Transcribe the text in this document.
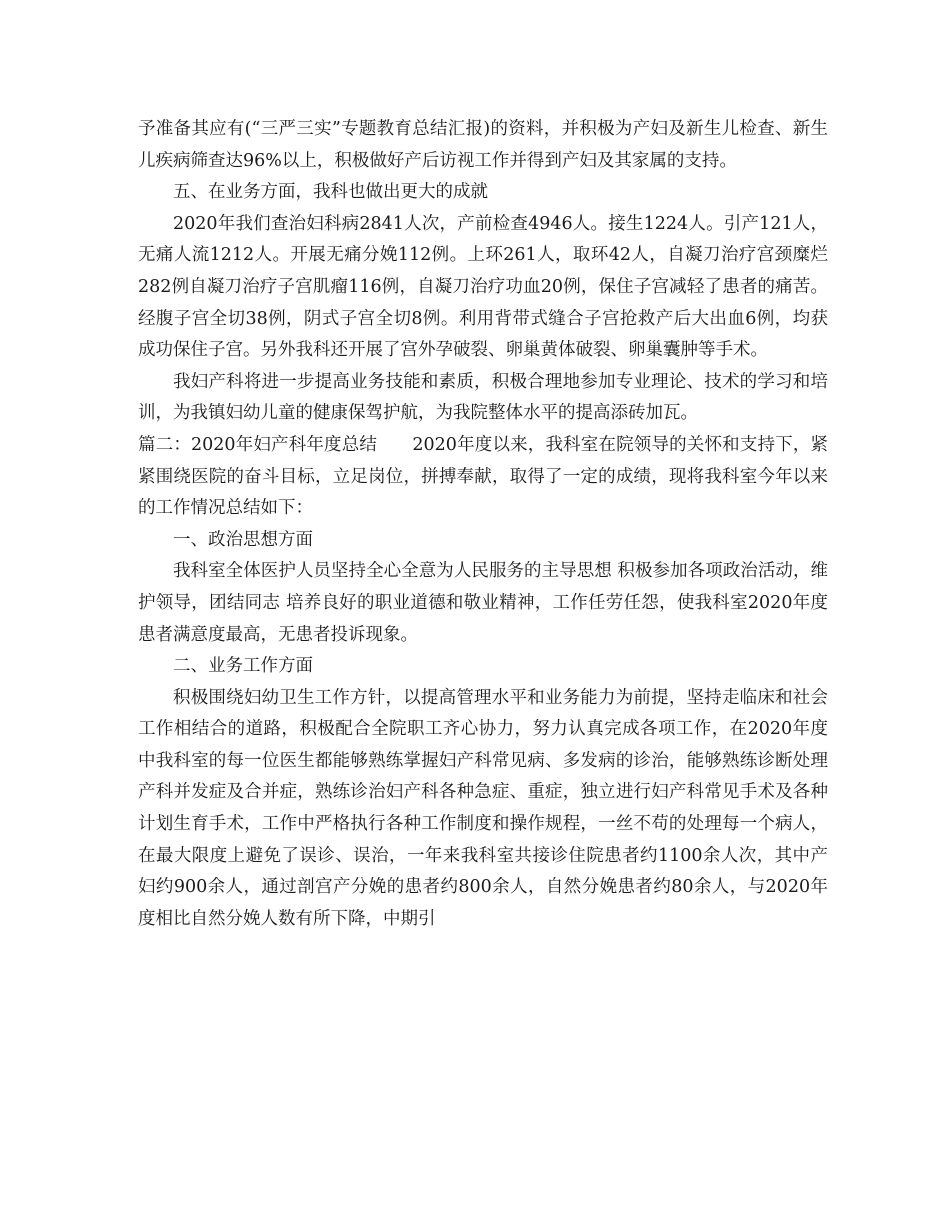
予准备其应有(“三严三实”专题教育总结汇报)的资料，并积极为产妇及新生儿检查、新生儿疾病筛查达96%以上，积极做好产后访视工作并得到产妇及其家属的支持。

五、在业务方面，我科也做出更大的成就

2020年我们查治妇科病2841人次，产前检查4946人。接生1224人。引产121人，无痛人流1212人。开展无痛分娩112例。上环261人，取环42人，自凝刀治疗宫颈糜烂282例自凝刀治疗子宫肌瘤116例，自凝刀治疗功血20例，保住子宫减轻了患者的痛苦。经腹子宫全切38例，阴式子宫全切8例。利用背带式缝合子宫抢救产后大出血6例，均获成功保住子宫。另外我科还开展了宫外孕破裂、卵巢黄体破裂、卵巢囊肿等手术。

我妇产科将进一步提高业务技能和素质，积极合理地参加专业理论、技术的学习和培训，为我镇妇幼儿童的健康保驾护航，为我院整体水平的提高添砖加瓦。

篇二：2020年妇产科年度总结　　2020年度以来，我科室在院领导的关怀和支持下，紧紧围绕医院的奋斗目标，立足岗位，拼搏奉献，取得了一定的成绩，现将我科室今年以来的工作情况总结如下：

一、政治思想方面

我科室全体医护人员坚持全心全意为人民服务的主导思想 积极参加各项政治活动，维护领导，团结同志 培养良好的职业道德和敬业精神，工作任劳任怨，使我科室2020年度患者满意度最高，无患者投诉现象。

二、业务工作方面

积极围绕妇幼卫生工作方针，以提高管理水平和业务能力为前提，坚持走临床和社会工作相结合的道路，积极配合全院职工齐心协力，努力认真完成各项工作，在2020年度中我科室的每一位医生都能够熟练掌握妇产科常见病、多发病的诊治，能够熟练诊断处理产科并发症及合并症，熟练诊治妇产科各种急症、重症，独立进行妇产科常见手术及各种计划生育手术，工作中严格执行各种工作制度和操作规程，一丝不苟的处理每一个病人，在最大限度上避免了误诊、误治，一年来我科室共接诊住院患者约1100余人次，其中产妇约900余人，通过剖宫产分娩的患者约800余人，自然分娩患者约80余人，与2020年度相比自然分娩人数有所下降，中期引
